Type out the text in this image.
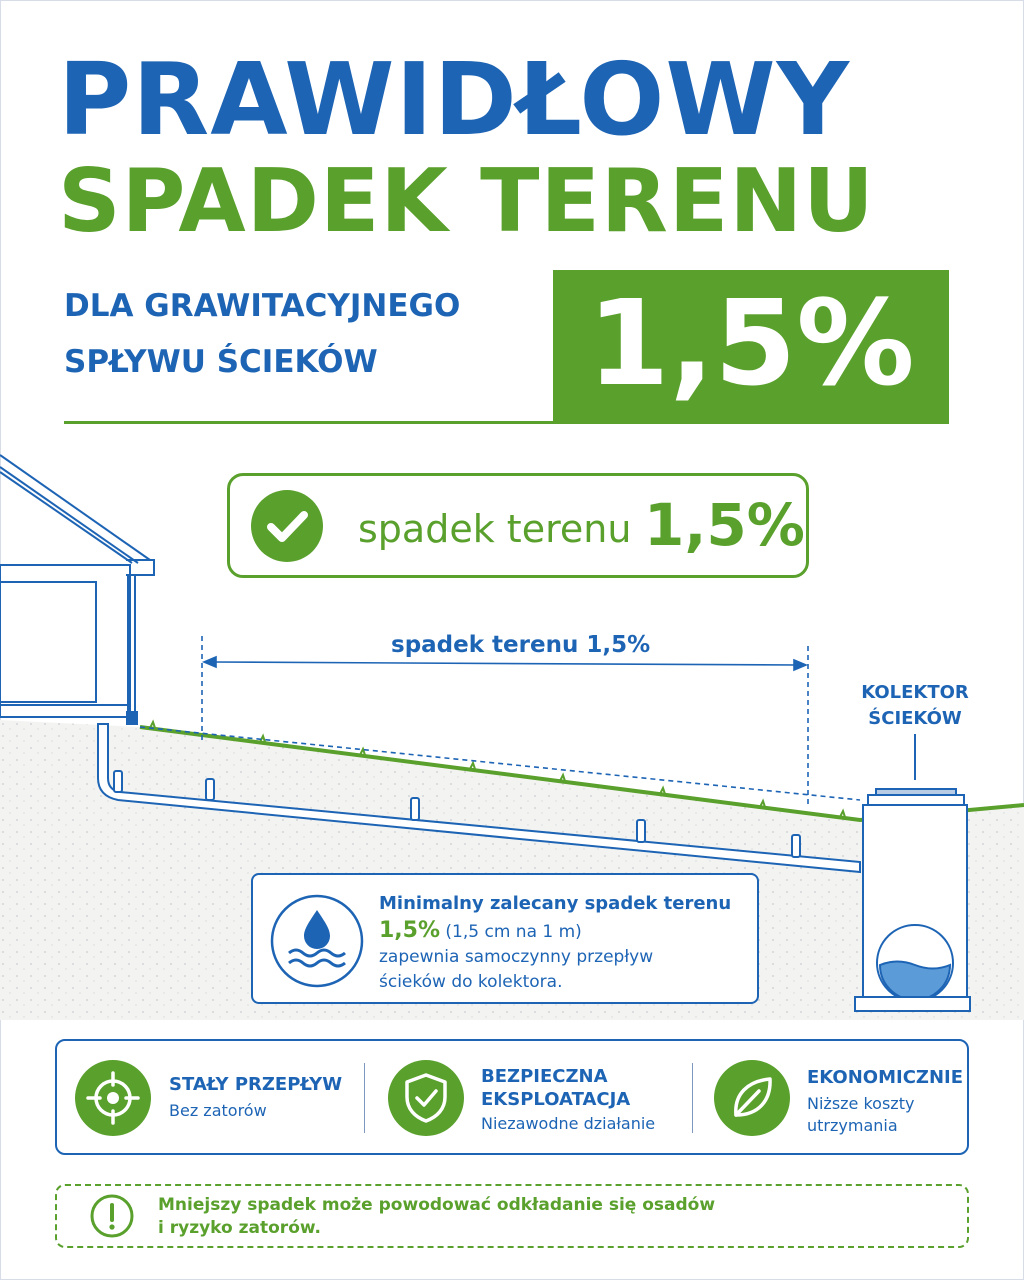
PRAWIDŁOWY
SPADEK TERENU
DLA GRAWITACYJNEGO
SPŁYWU ŚCIEKÓW 1,5%
spadek terenu 1,5%
spadek terenu 1,5%
KOLEKTOR
ŚCIEKÓW
Minimalny zalecany spadek terenu
1,5% (1,5 cm na 1 m)
zapewnia samoczynny przepływ
ścieków do kolektora.
STAŁY PRZEPŁYW
Bez zatorów
BEZPIECZNA
EKSPLOATACJA
Niezawodne działanie
EKONOMICZNIE
Niższe koszty
utrzymania
Mniejszy spadek może powodować odkładanie się osadów
i ryzyko zatorów.
